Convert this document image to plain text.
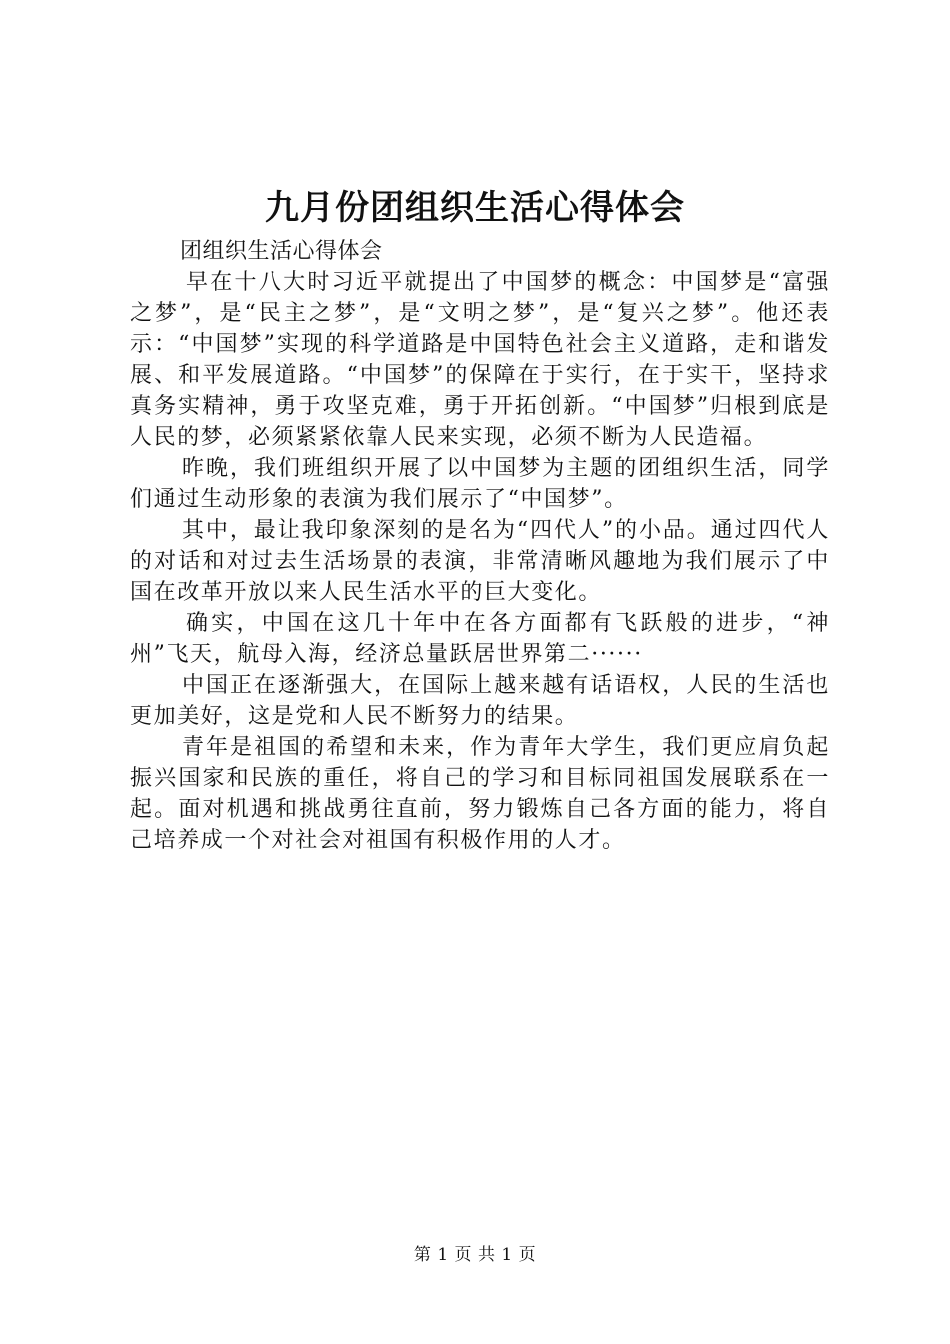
九月份团组织生活心得体会

团组织生活心得体会

早在十八大时习近平就提出了中国梦的概念：中国梦是“富强之梦”，是“民主之梦”，是“文明之梦”，是“复兴之梦”。他还表示：“中国梦”实现的科学道路是中国特色社会主义道路，走和谐发展、和平发展道路。“中国梦”的保障在于实行，在于实干，坚持求真务实精神，勇于攻坚克难，勇于开拓创新。“中国梦”归根到底是人民的梦，必须紧紧依靠人民来实现，必须不断为人民造福。

昨晚，我们班组织开展了以中国梦为主题的团组织生活，同学们通过生动形象的表演为我们展示了“中国梦”。

其中，最让我印象深刻的是名为“四代人”的小品。通过四代人的对话和对过去生活场景的表演，非常清晰风趣地为我们展示了中国在改革开放以来人民生活水平的巨大变化。

确实，中国在这几十年中在各方面都有飞跃般的进步，“神州”飞天，航母入海，经济总量跃居世界第二······

中国正在逐渐强大，在国际上越来越有话语权，人民的生活也更加美好，这是党和人民不断努力的结果。

青年是祖国的希望和未来，作为青年大学生，我们更应肩负起振兴国家和民族的重任，将自己的学习和目标同祖国发展联系在一起。面对机遇和挑战勇往直前，努力锻炼自己各方面的能力，将自己培养成一个对社会对祖国有积极作用的人才。

第 1 页 共 1 页
